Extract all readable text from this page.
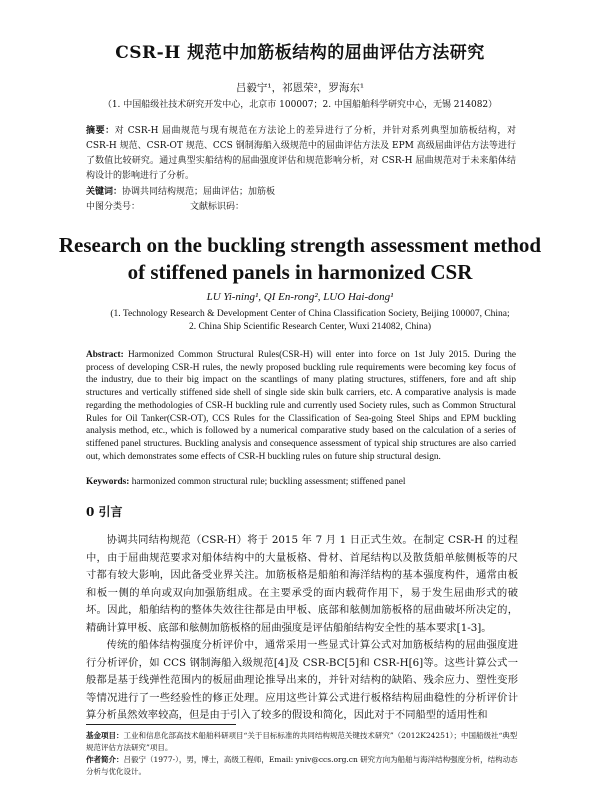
CSR-H 规范中加筋板结构的屈曲评估方法研究
吕毅宁¹，祁恩荣²，罗海东¹
（1. 中国船级社技术研究开发中心，北京市 100007；2. 中国船舶科学研究中心，无锡 214082）
摘要：对 CSR-H 屈曲规范与现有规范在方法论上的差异进行了分析，并针对系列典型加筋板结构，对 CSR-H 规范、CSR-OT 规范、CCS 钢制海船入级规范中的屈曲评估方法及 EPM 高级屈曲评估方法等进行了数值比较研究。通过典型实船结构的屈曲强度评估和规范影响分析，对 CSR-H 屈曲规范对于未来船体结构设计的影响进行了分析。
关键词：协调共同结构规范；屈曲评估；加筋板
中图分类号：	文献标识码：
Research on the buckling strength assessment method
of stiffened panels in harmonized CSR
LU Yi-ning¹, QI En-rong², LUO Hai-dong¹
(1. Technology Research & Development Center of China Classification Society, Beijing 100007, China; 2. China Ship Scientific Research Center, Wuxi 214082, China)
Abstract: Harmonized Common Structural Rules(CSR-H) will enter into force on 1st July 2015. During the process of developing CSR-H rules, the newly proposed buckling rule requirements were becoming key focus of the industry, due to their big impact on the scantlings of many plating structures, stiffeners, fore and aft ship structures and vertically stiffened side shell of single side skin bulk carriers, etc. A comparative analysis is made regarding the methodologies of CSR-H buckling rule and currently used Society rules, such as Common Structural Rules for Oil Tanker(CSR-OT), CCS Rules for the Classification of Sea-going Steel Ships and EPM buckling analysis method, etc., which is followed by a numerical comparative study based on the calculation of a series of stiffened panel structures. Buckling analysis and consequence assessment of typical ship structures are also carried out, which demonstrates some effects of CSR-H buckling rules on future ship structural design.
Keywords: harmonized common structural rule; buckling assessment; stiffened panel
0 引言

协调共同结构规范（CSR-H）将于 2015 年 7 月 1 日正式生效。在制定 CSR-H 的过程中，由于屈曲规范要求对船体结构中的大量板格、骨材、首尾结构以及散货船单舷侧板等的尺寸都有较大影响，因此备受业界关注。加筋板格是船舶和海洋结构的基本强度构件，通常由板和板一侧的单向或双向加强筋组成。在主要承受的面内载荷作用下，易于发生屈曲形式的破坏。因此，船舶结构的整体失效往往都是由甲板、底部和舷侧加筋板格的屈曲破坏所决定的，精确计算甲板、底部和舷侧加筋板格的屈曲强度是评估船舶结构安全性的基本要求[1-3]。

传统的船体结构强度分析评价中，通常采用一些显式计算公式对加筋板结构的屈曲强度进行分析评价，如 CCS 钢制海船入级规范[4]及 CSR-BC[5]和 CSR-H[6]等。这些计算公式一般都是基于线弹性范围内的板屈曲理论推导出来的，并针对结构的缺陷、残余应力、塑性变形等情况进行了一些经验性的修正处理。应用这些计算公式进行板格结构屈曲稳性的分析评价计算分析虽然效率较高，但是由于引入了较多的假设和简化，因此对于不同船型的适用性和

基金项目：工业和信息化部高技术船舶科研项目“关于目标标准的共同结构规范关键技术研究”（2012K24251）；中国船级社“典型规范评估方法研究”项目。
作者简介：吕毅宁（1977-），男，博士，高级工程师，Email: yniv@ccs.org.cn 研究方向为船舶与海洋结构强度分析，结构动态分析与优化设计。
